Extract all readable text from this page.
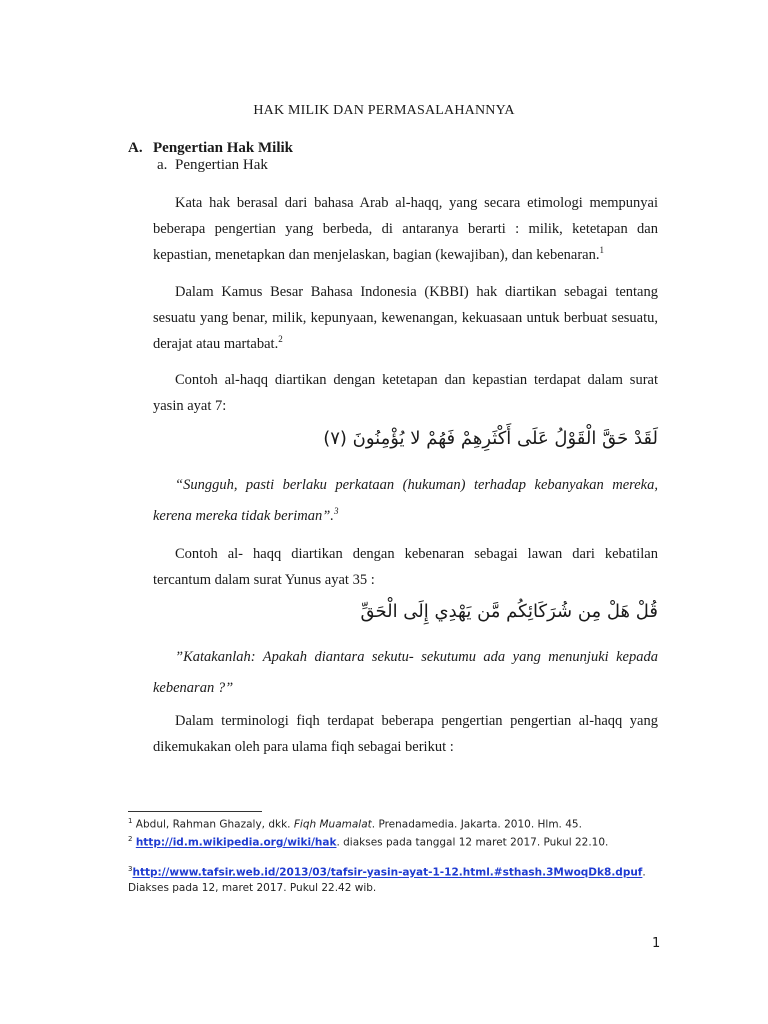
HAK MILIK DAN PERMASALAHANNYA
A. Pengertian Hak Milik
a. Pengertian Hak

Kata hak berasal dari bahasa Arab al-haqq, yang secara etimologi mempunyai beberapa pengertian yang berbeda, di antaranya berarti : milik, ketetapan dan kepastian, menetapkan dan menjelaskan, bagian (kewajiban), dan kebenaran.$^1$

Dalam Kamus Besar Bahasa Indonesia (KBBI) hak diartikan sebagai tentang sesuatu yang benar, milik, kepunyaan, kewenangan, kekuasaan untuk berbuat sesuatu, derajat atau martabat.$^2$

Contoh al-haqq diartikan dengan ketetapan dan kepastian terdapat dalam surat yasin ayat 7:

لَقَدْ حَقَّ الْقَوْلُ عَلَى أَكْثَرِهِمْ فَهُمْ لا يُؤْمِنُونَ (٧)

“Sungguh, pasti berlaku perkataan (hukuman) terhadap kebanyakan mereka, kerena mereka tidak beriman”.$^3$

Contoh al- haqq diartikan dengan kebenaran sebagai lawan dari kebatilan tercantum dalam surat Yunus ayat 35 :

قُلْ هَلْ مِن شُرَكَائِكُم مَّن يَهْدِي إِلَى الْحَقِّ

”Katakanlah: Apakah diantara sekutu- sekutumu ada yang menunjuki kepada kebenaran ?”

Dalam terminologi fiqh terdapat beberapa pengertian pengertian al-haqq yang dikemukakan oleh para ulama fiqh sebagai berikut :

$^1$ Abdul, Rahman Ghazaly, dkk. Fiqh Muamalat. Prenadamedia. Jakarta. 2010. Hlm. 45.
$^2$ http://id.m.wikipedia.org/wiki/hak. diakses pada tanggal 12 maret 2017. Pukul 22.10.
$^3$http://www.tafsir.web.id/2013/03/tafsir-yasin-ayat-1-12.html.#sthash.3MwoqDk8.dpuf. Diakses pada 12, maret 2017. Pukul 22.42 wib.
1
